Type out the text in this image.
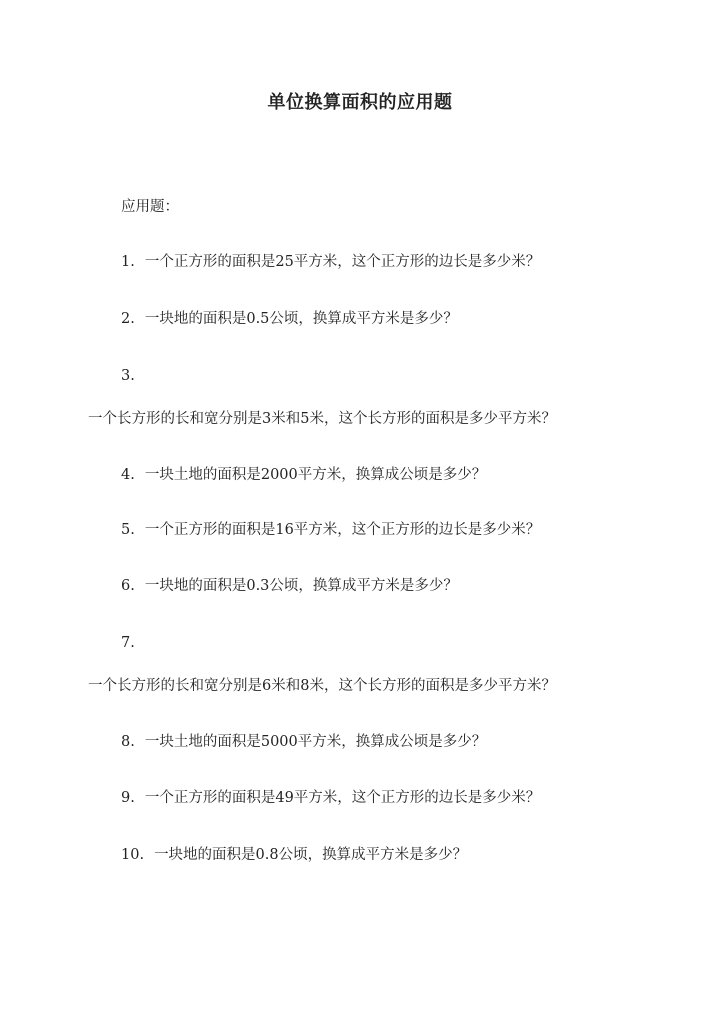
单位换算面积的应用题

应用题：

1. 一个正方形的面积是25平方米，这个正方形的边长是多少米？

2. 一块地的面积是0.5公顷，换算成平方米是多少？

3.

一个长方形的长和宽分别是3米和5米，这个长方形的面积是多少平方米？

4. 一块土地的面积是2000平方米，换算成公顷是多少？

5. 一个正方形的面积是16平方米，这个正方形的边长是多少米？

6. 一块地的面积是0.3公顷，换算成平方米是多少？

7.

一个长方形的长和宽分别是6米和8米，这个长方形的面积是多少平方米？

8. 一块土地的面积是5000平方米，换算成公顷是多少？

9. 一个正方形的面积是49平方米，这个正方形的边长是多少米？

10. 一块地的面积是0.8公顷，换算成平方米是多少？
